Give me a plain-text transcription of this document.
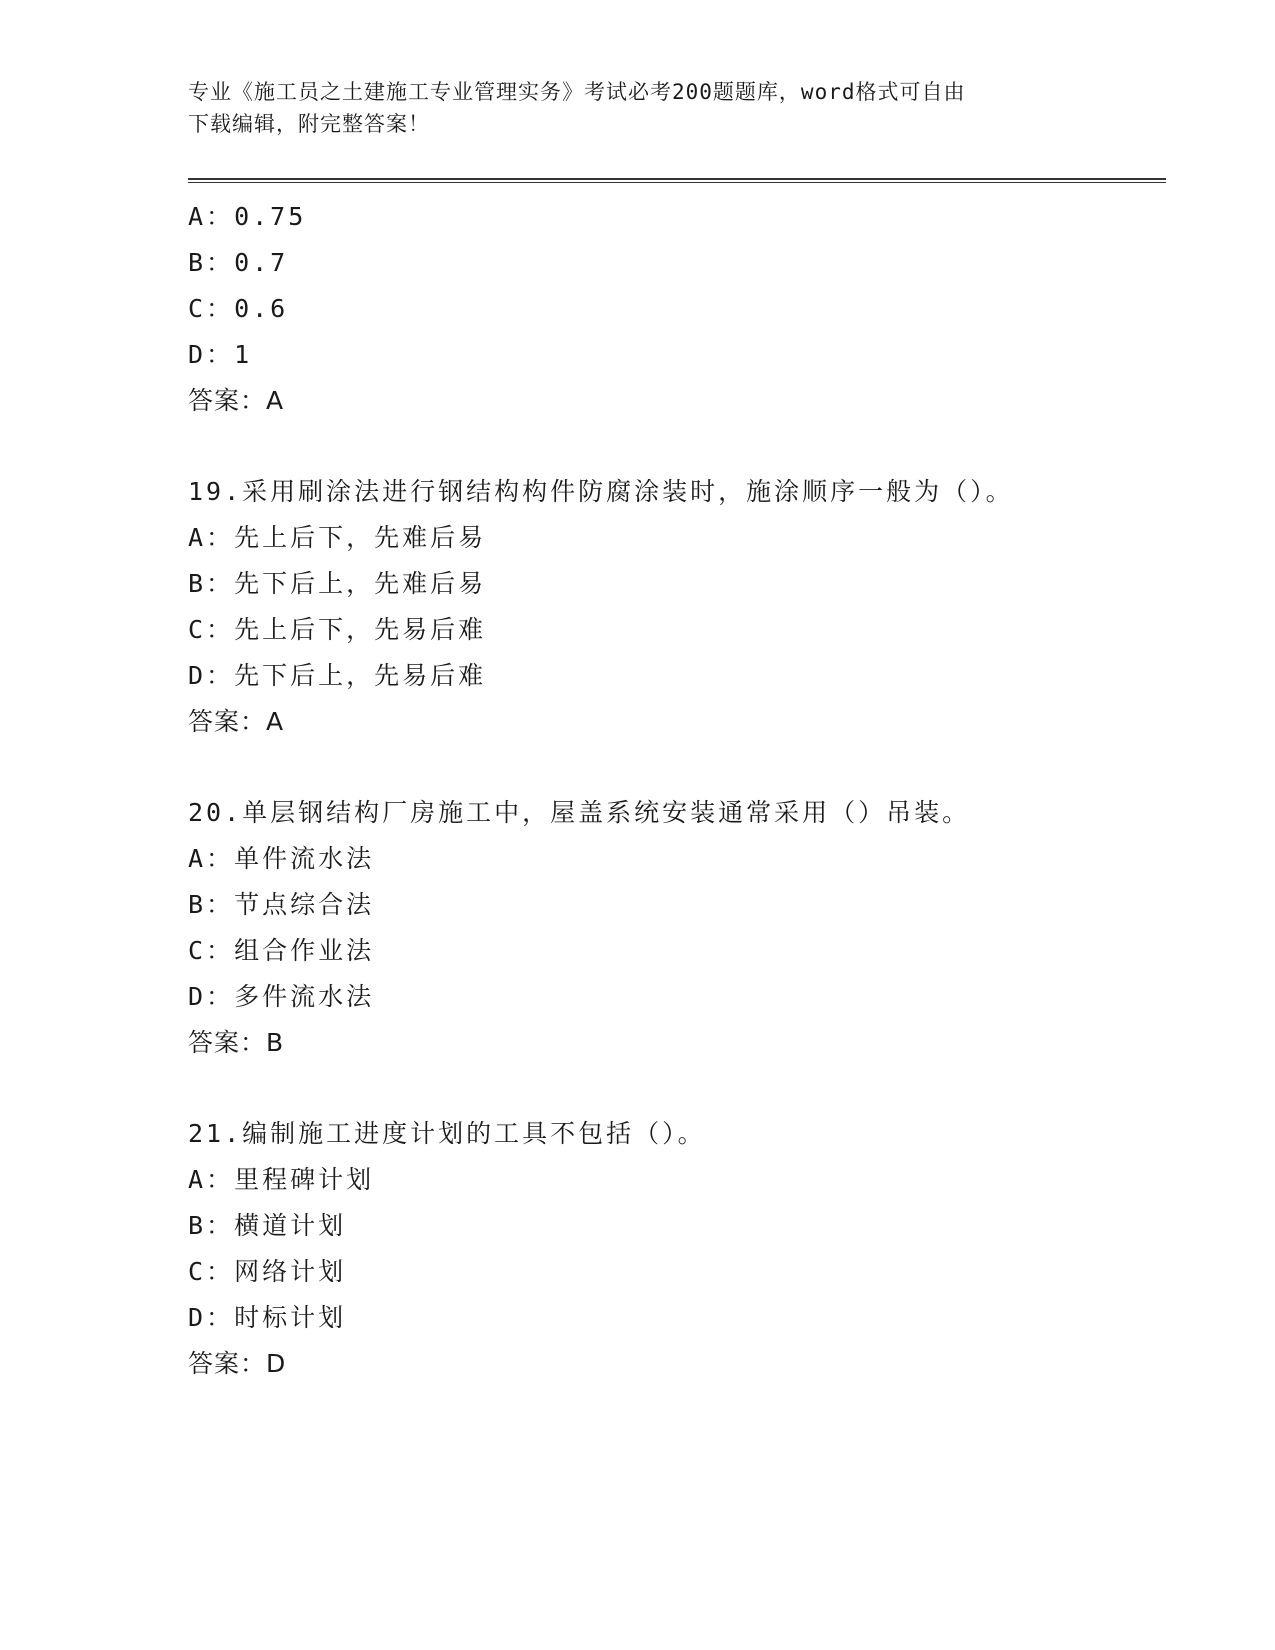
专业《施工员之土建施工专业管理实务》考试必考200题题库，word格式可自由
下载编辑，附完整答案！
A：0.75
B：0.7
C：0.6
D：1
答案：A
19.采用刷涂法进行钢结构构件防腐涂装时，施涂顺序一般为（）。
A：先上后下，先难后易
B：先下后上，先难后易
C：先上后下，先易后难
D：先下后上，先易后难
答案：A
20.单层钢结构厂房施工中，屋盖系统安装通常采用（）吊装。
A：单件流水法
B：节点综合法
C：组合作业法
D：多件流水法
答案：B
21.编制施工进度计划的工具不包括（）。
A：里程碑计划
B：横道计划
C：网络计划
D：时标计划
答案：D
